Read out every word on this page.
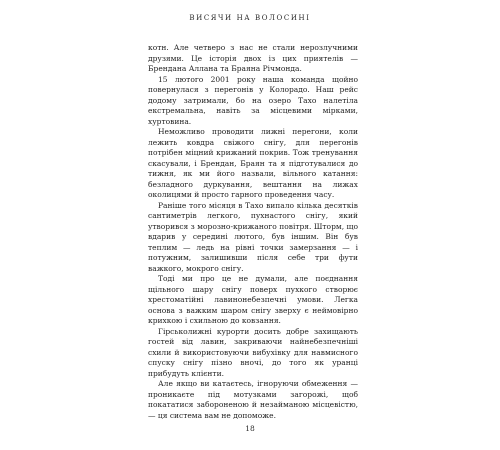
ВИСЯЧИ НА ВОЛОСИНІ

котн. Але четверо з нас не стали нерозлучними друзями. Це історія двох із цих приятелів — Брендана Аллана та Браяна Річмонда.

15 лютого 2001 року наша команда щойно повернулася з перегонів у Колорадо. Наш рейс додому затримали, бо на озеро Тахо налетіла екстремальна, навіть за місцевими мірками, хуртовина.

Неможливо проводити лижні перегони, коли лежить ковдра свіжого снігу, для перегонів потрібен міцний крижаний покрив. Тож тренування скасували, і Брендан, Браян та я підготувалися до тижня, як ми його назвали, вільного катання: безладного дуркування, вештання на лижах околицями й просто гарного проведення часу.

Раніше того місяця в Тахо випало кілька десятків сантиметрів легкого, пухнастого снігу, який утворився з морозно-крижаного повітря. Шторм, що вдарив у середині лютого, був іншим. Він був теплим — ледь на рівні точки замерзання — і потужним, залишивши після себе три фути важкого, мокрого снігу.

Тоді ми про це не думали, але поєднання щільного шару снігу поверх пухкого створює хрестоматійні лавинонебезпечні умови. Легка основа з важким шаром снігу зверху є неймовірно крихкою і схильною до ковзання.

Гірськолижні курорти досить добре захищають гостей від лавин, закриваючи найнебезпечніші схили й використовуючи вибухівку для навмисного спуску снігу пізно вночі, до того як уранці прибудуть клієнти.

Але якщо ви катаєтесь, ігноруючи обмеження — проникаєте під мотузками загорожі, щоб покататися забороненою й незайманою місцевістю, — ця система вам не допоможе.

18
